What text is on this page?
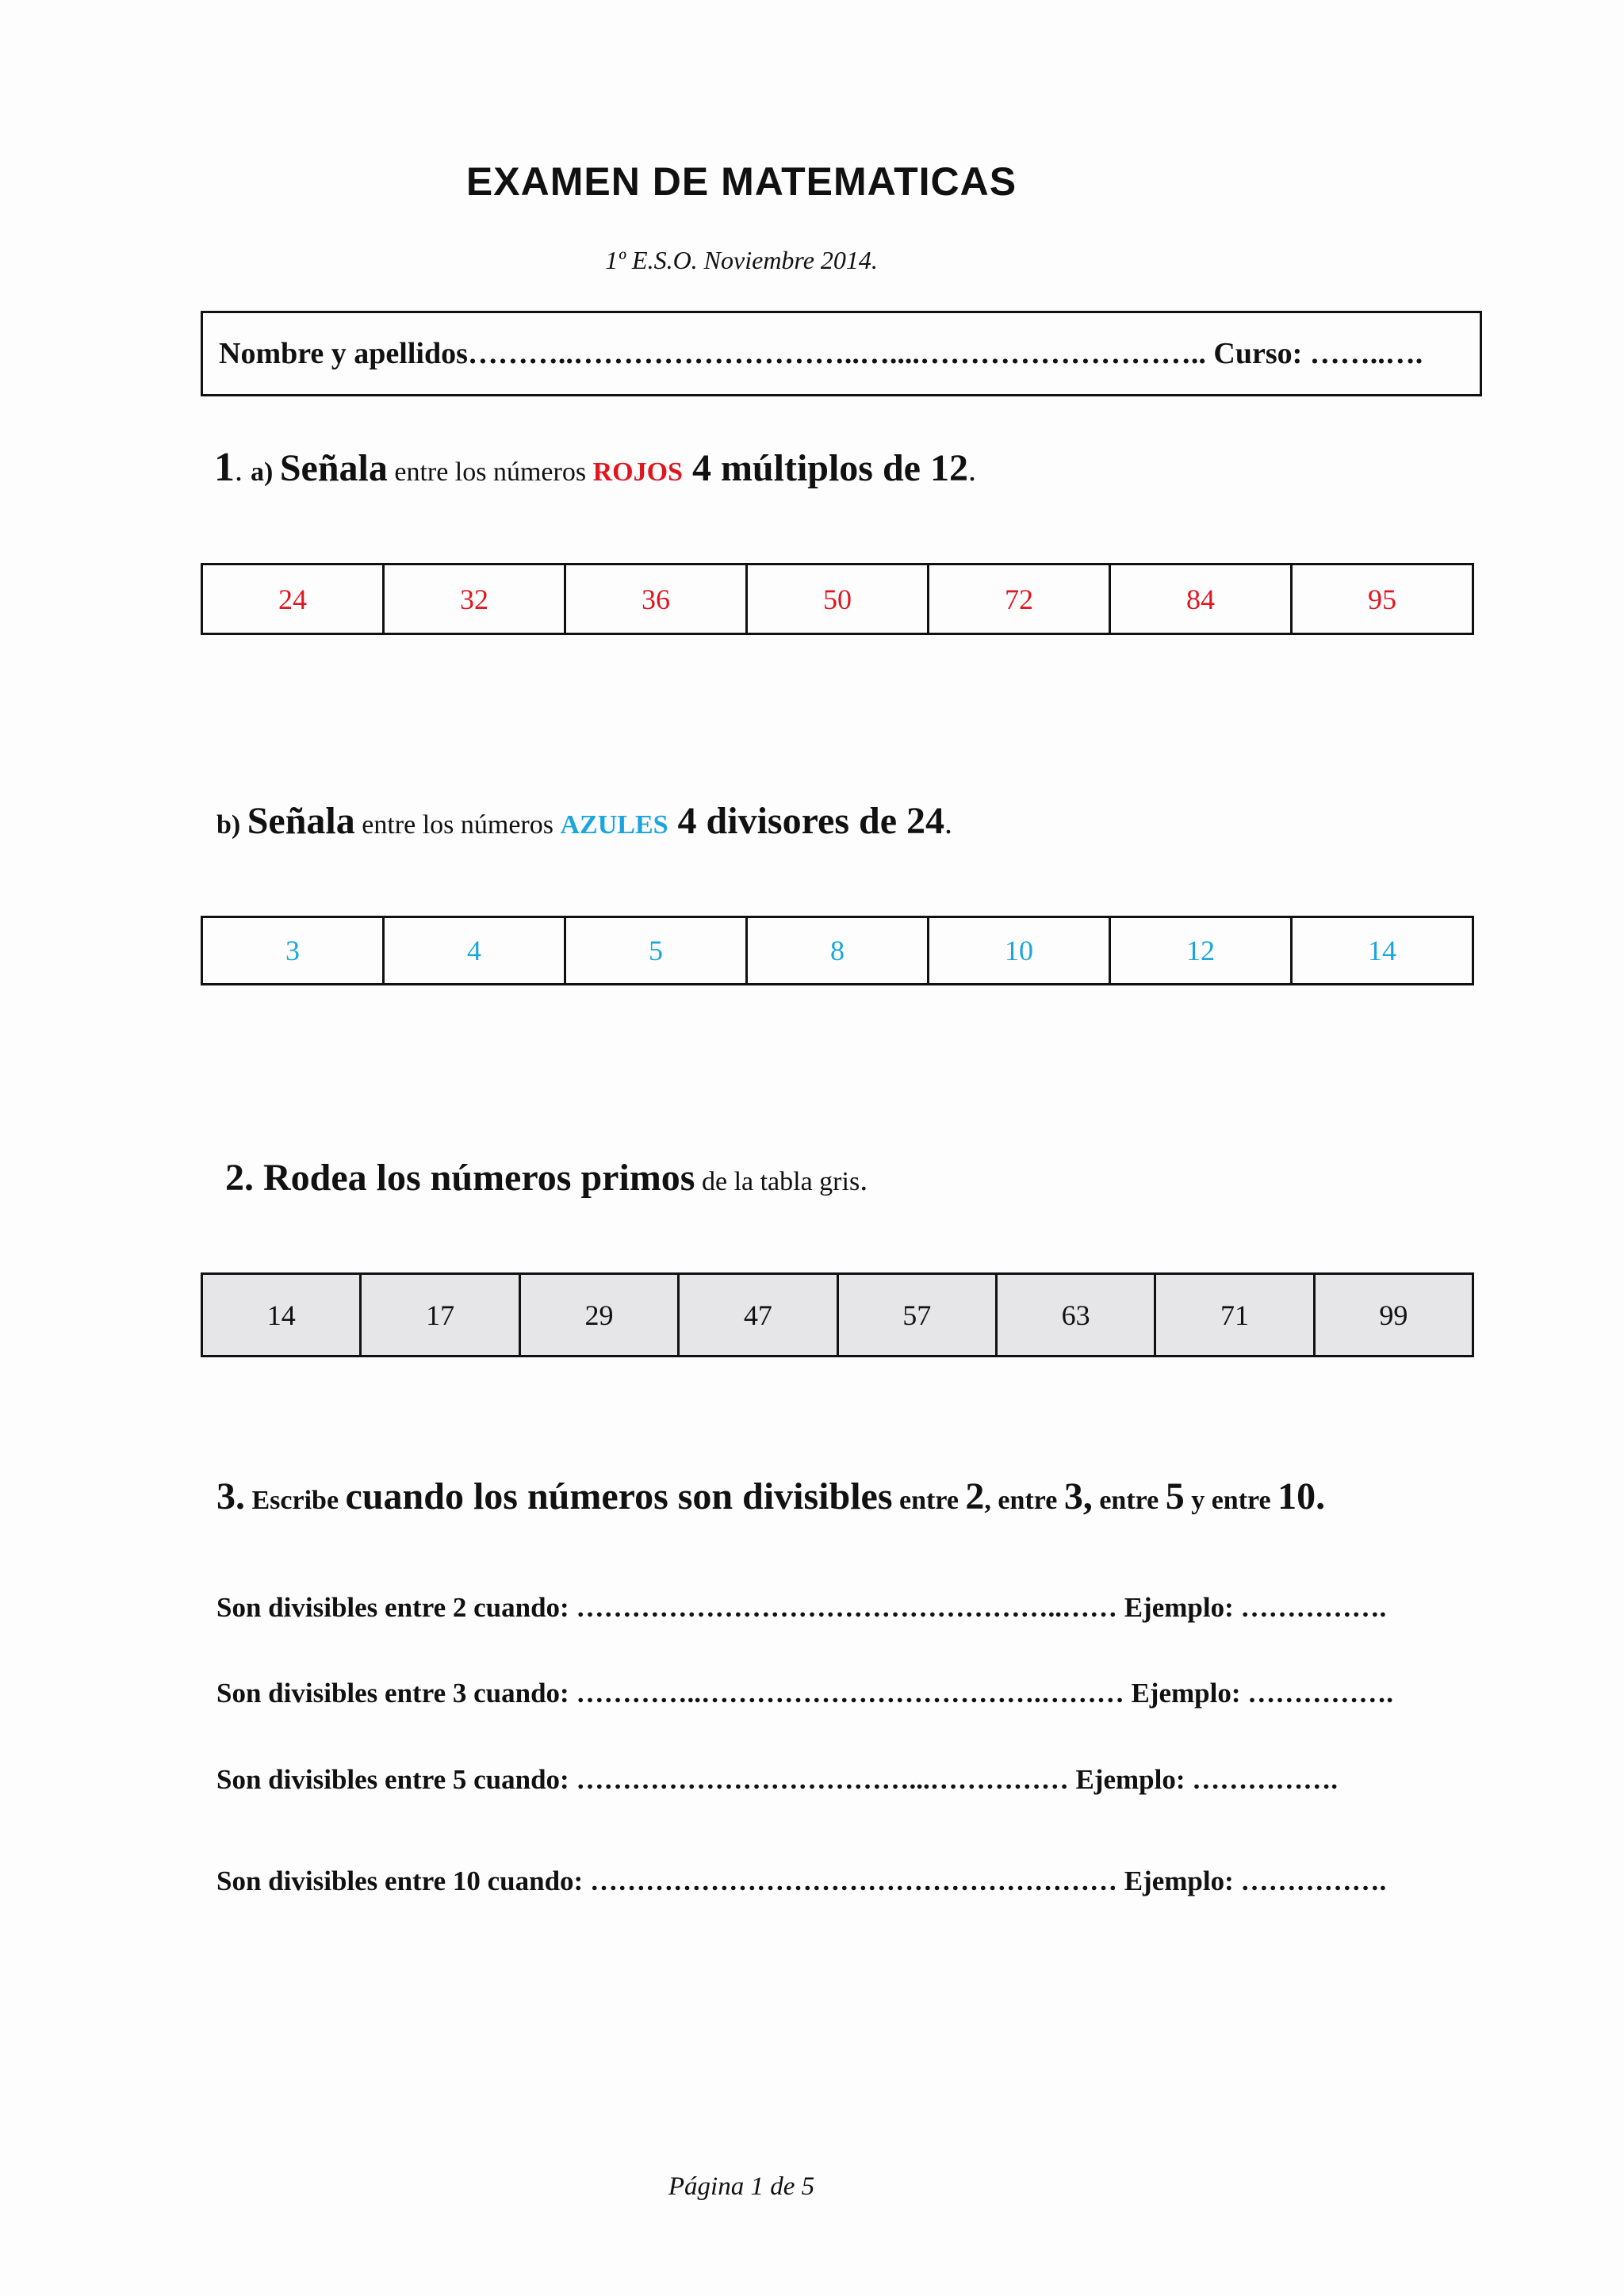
EXAMEN DE MATEMATICAS
1º E.S.O. Noviembre 2014.
Nombre y apellidos………..………………………..…....……………………….. Curso: ……..….
1. a) Señala entre los números ROJOS 4 múltiplos de 12.
24	32	36	50	72	84	95
b) Señala entre los números AZULES 4 divisores de 24.
3	4	5	8	10	12	14
2. Rodea los números primos de la tabla gris.
14	17	29	47	57	63	71	99
3. Escribe cuando los números son divisibles entre 2, entre 3, entre 5 y entre 10.
Son divisibles entre 2 cuando: ……………………………………………..…… Ejemplo: …………….
Son divisibles entre 3 cuando: …………..……………………………….……… Ejemplo: …………….
Son divisibles entre 5 cuando: ………………………………...…………… Ejemplo: …………….
Son divisibles entre 10 cuando: ………………………………………………… Ejemplo: …………….
Página 1 de 5
